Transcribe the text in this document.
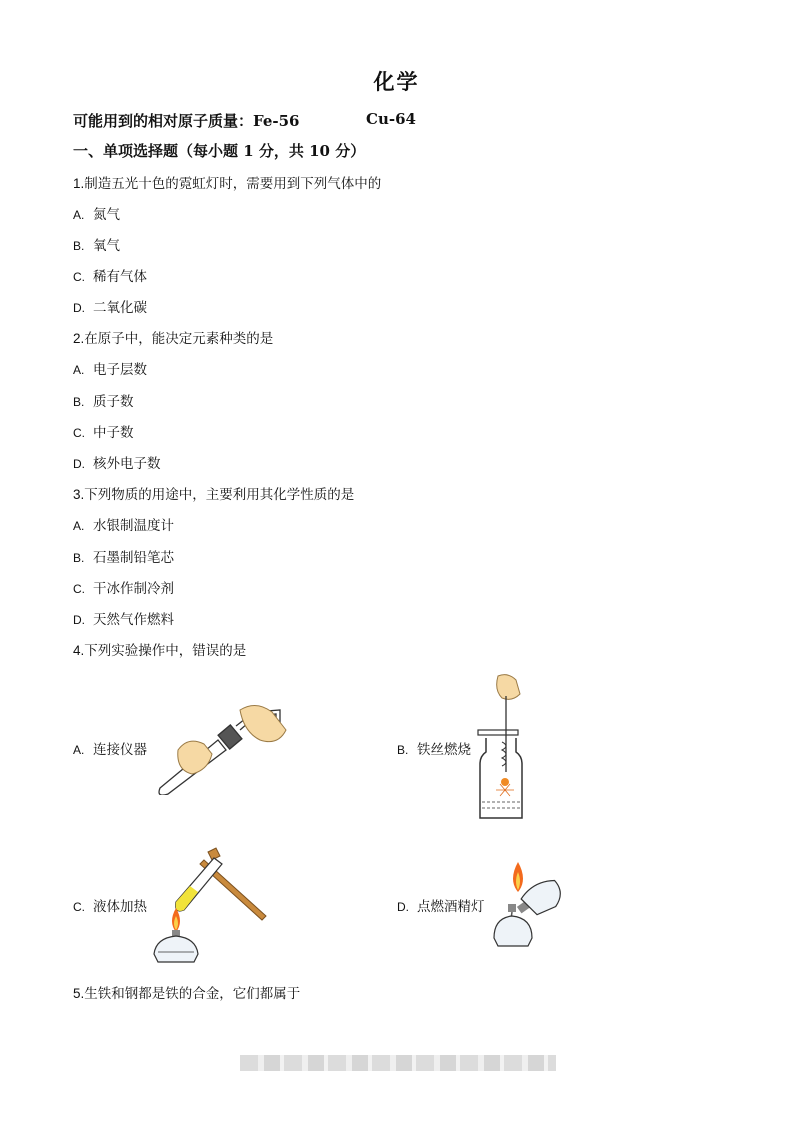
化学
可能用到的相对原子质量：Fe-56	Cu-64
一、单项选择题（每小题 1 分，共 10 分）
1.制造五光十色的霓虹灯时，需要用到下列气体中的
A. 氮气
B. 氧气
C. 稀有气体
D. 二氧化碳
2.在原子中，能决定元素种类的是
A. 电子层数
B. 质子数
C. 中子数
D. 核外电子数
3.下列物质的用途中，主要利用其化学性质的是
A. 水银制温度计
B. 石墨制铅笔芯
C. 干冰作制冷剂
D. 天然气作燃料
4.下列实验操作中，错误的是
A. 连接仪器	B. 铁丝燃烧
C. 液体加热	D. 点燃酒精灯
5.生铁和钢都是铁的合金，它们都属于
